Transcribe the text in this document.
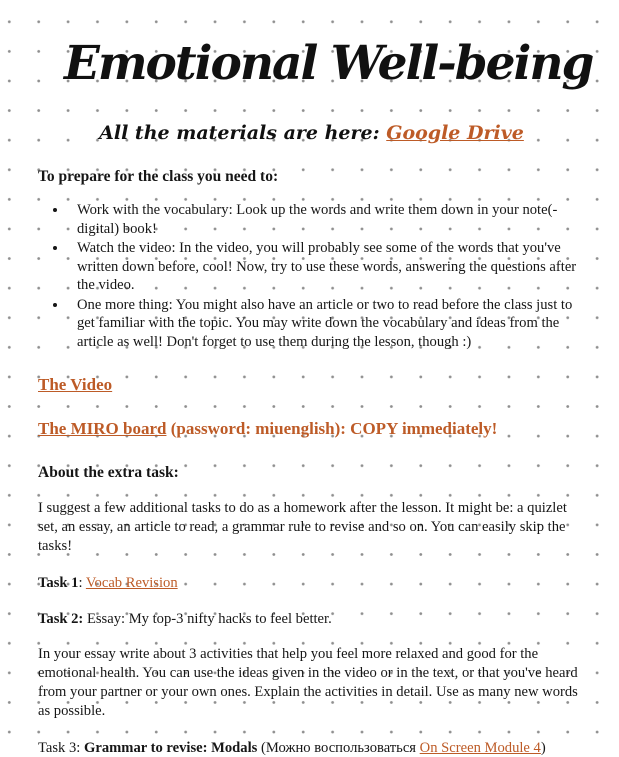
Emotional Well-being
All the materials are here: Google Drive
To prepare for the class you need to:
• Work with the vocabulary: Look up the words and write them down in your note(-digital) book!
• Watch the video: In the video, you will probably see some of the words that you've written down before, cool! Now, try to use these words, answering the questions after the video.
• One more thing: You might also have an article or two to read before the class just to get familiar with the topic. You may write down the vocabulary and ideas from the article as well! Don't forget to use them during the lesson, though :)
The Video
The MIRO board (password: miuenglish): COPY immediately!
About the extra task:

I suggest a few additional tasks to do as a homework after the lesson. It might be: a quizlet set, an essay, an article to read, a grammar rule to revise and so on. You can easily skip the tasks!

Task 1: Vocab Revision
Task 2: Essay: My top-3 nifty hacks to feel better.

In your essay write about 3 activities that help you feel more relaxed and good for the emotional health. You can use the ideas given in the video or in the text, or that you've heard from your partner or your own ones. Explain the activities in detail. Use as many new words as possible.

Task 3: Grammar to revise: Modals (Можно воспользоваться On Screen Module 4)
